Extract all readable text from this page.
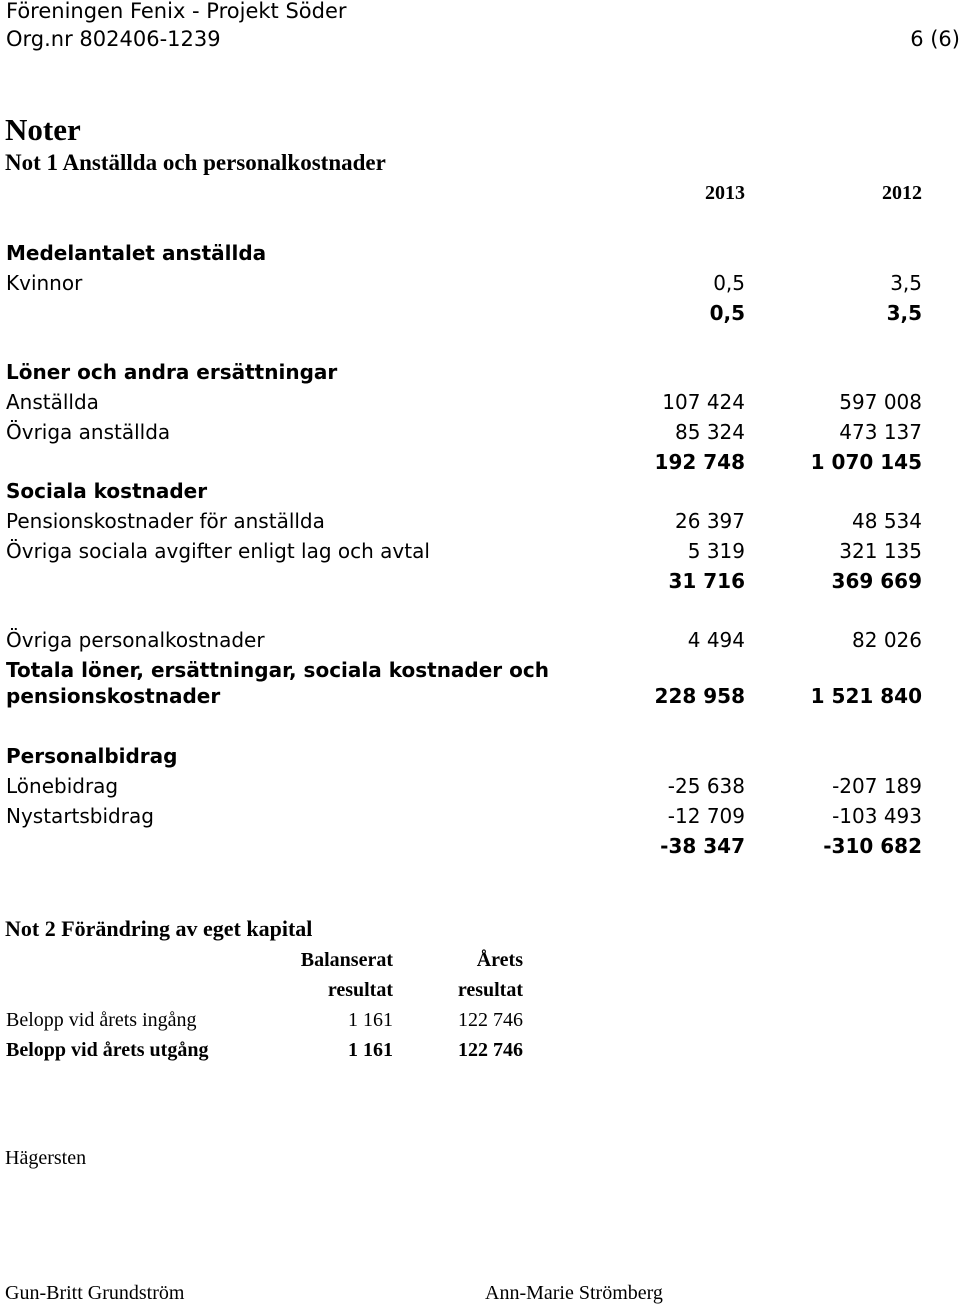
Föreningen Fenix - Projekt Söder
Org.nr 802406-1239	6 (6)
Noter
Not 1 Anställda och personalkostnader
2013	2012
Medelantalet anställda
Kvinnor	0,5	3,5
0,5	3,5
Löner och andra ersättningar
Anställda	107 424	597 008
Övriga anställda	85 324	473 137
192 748	1 070 145
Sociala kostnader
Pensionskostnader för anställda	26 397	48 534
Övriga sociala avgifter enligt lag och avtal	5 319	321 135
31 716	369 669
Övriga personalkostnader	4 494	82 026
Totala löner, ersättningar, sociala kostnader och
pensionskostnader	228 958	1 521 840
Personalbidrag
Lönebidrag	-25 638	-207 189
Nystartsbidrag	-12 709	-103 493
-38 347	-310 682
Not 2 Förändring av eget kapital
Balanserat	Årets
resultat	resultat
Belopp vid årets ingång	1 161	122 746
Belopp vid årets utgång	1 161	122 746
Hägersten
Gun-Britt Grundström	Ann-Marie Strömberg
